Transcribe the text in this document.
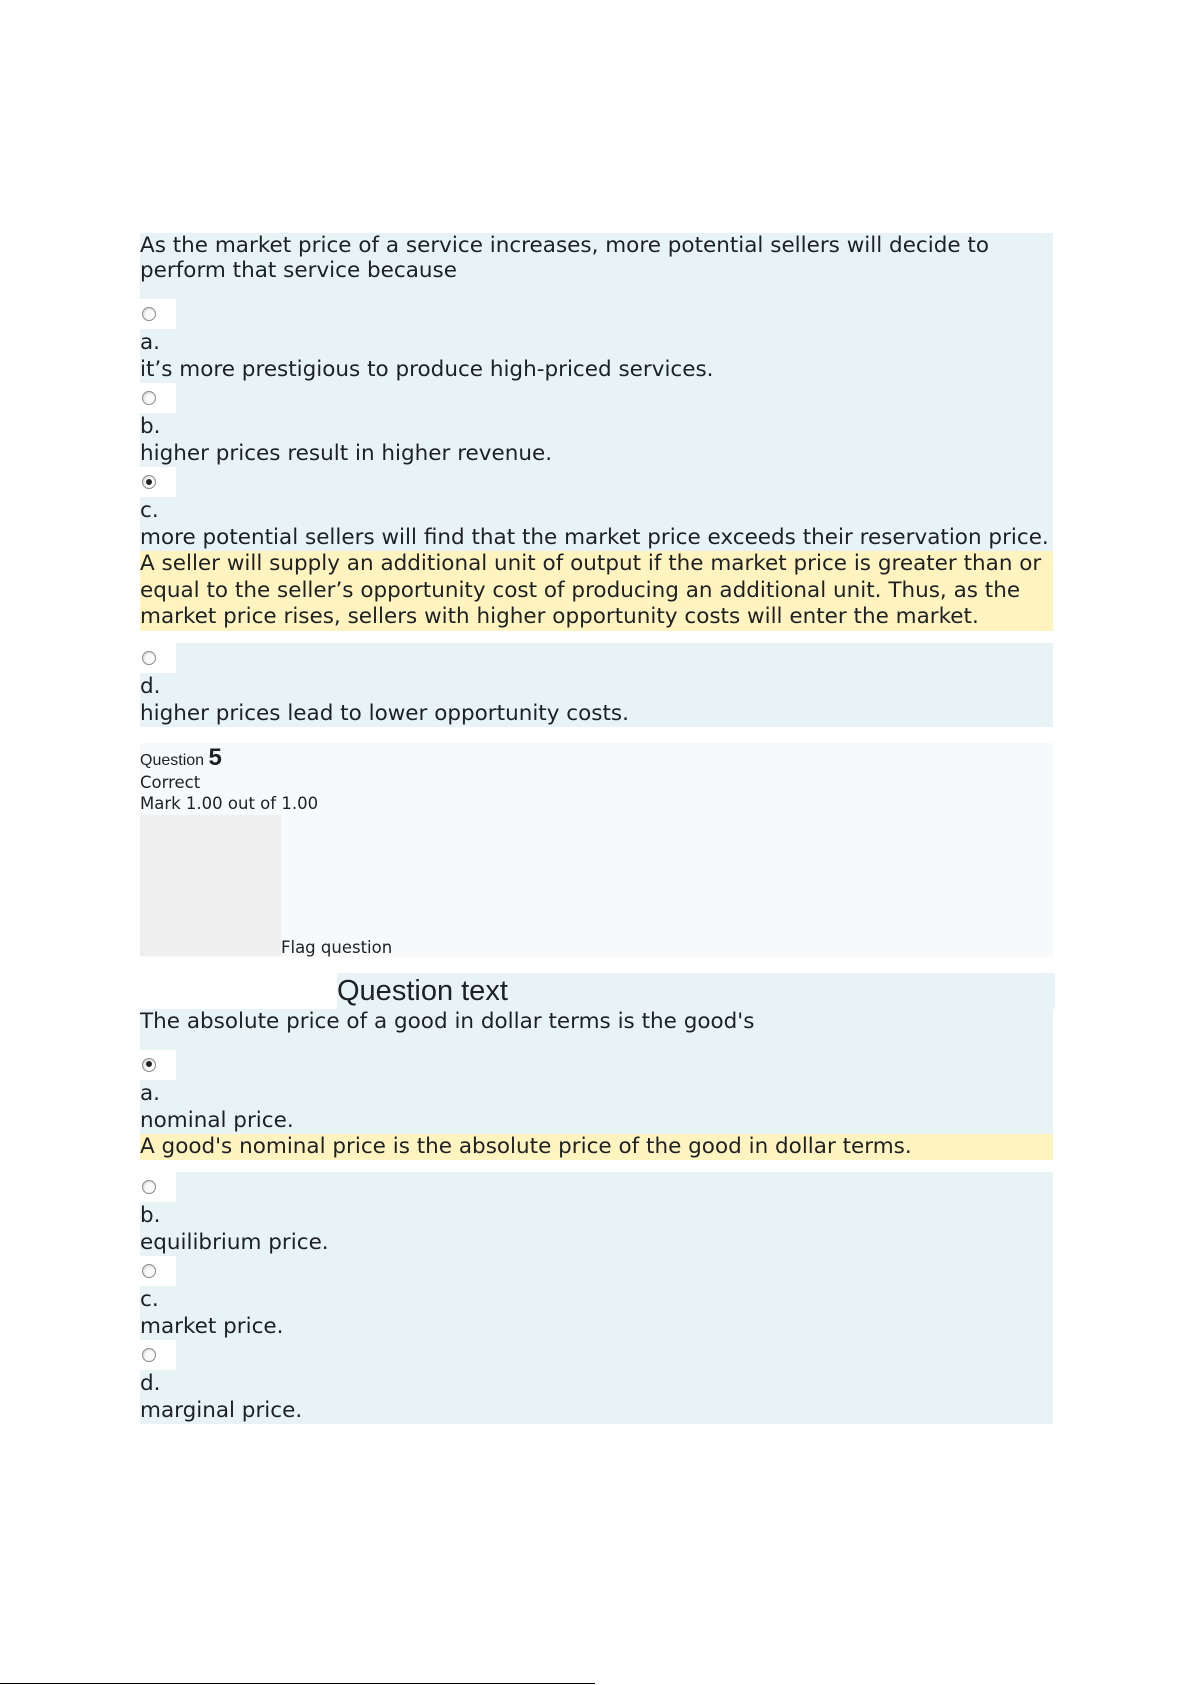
As the market price of a service increases, more potential sellers will decide to perform that service because
a.
it’s more prestigious to produce high-priced services.
b.
higher prices result in higher revenue.
c.
more potential sellers will find that the market price exceeds their reservation price.
A seller will supply an additional unit of output if the market price is greater than or equal to the seller’s opportunity cost of producing an additional unit. Thus, as the market price rises, sellers with higher opportunity costs will enter the market.
d.
higher prices lead to lower opportunity costs.
Question 5
Correct
Mark 1.00 out of 1.00
Flag question
Question text
The absolute price of a good in dollar terms is the good's
a.
nominal price.
A good's nominal price is the absolute price of the good in dollar terms.
b.
equilibrium price.
c.
market price.
d.
marginal price.
